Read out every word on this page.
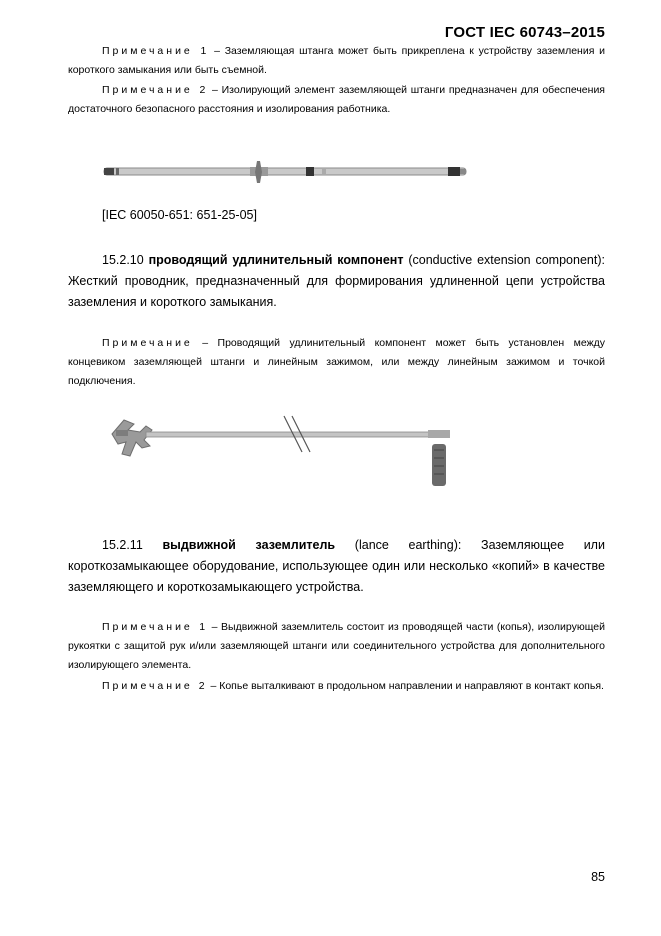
ГОСТ IEC 60743–2015
Примечание 1 – Заземляющая штанга может быть прикреплена к устройству заземления и короткого замыкания или быть съемной.
Примечание 2 – Изолирующий элемент заземляющей штанги предназначен для обеспечения достаточного безопасного расстояния и изолирования работника.
[IEC 60050-651: 651-25-05]
15.2.10 проводящий удлинительный компонент (conductive extension component): Жесткий проводник, предназначенный для формирования удлиненной цепи устройства заземления и короткого замыкания.
Примечание – Проводящий удлинительный компонент может быть установлен между концевиком заземляющей штанги и линейным зажимом, или между линейным зажимом и точкой подключения.
15.2.11 выдвижной заземлитель (lance earthing): Заземляющее или короткозамыкающее оборудование, использующее один или несколько «копий» в качестве заземляющего и короткозамыкающего устройства.
Примечание 1 – Выдвижной заземлитель состоит из проводящей части (копья), изолирующей рукоятки с защитой рук и/или заземляющей штанги или соединительного устройства для дополнительного изолирующего элемента.
Примечание 2 – Копье выталкивают в продольном направлении и направляют в контакт копья.
85
